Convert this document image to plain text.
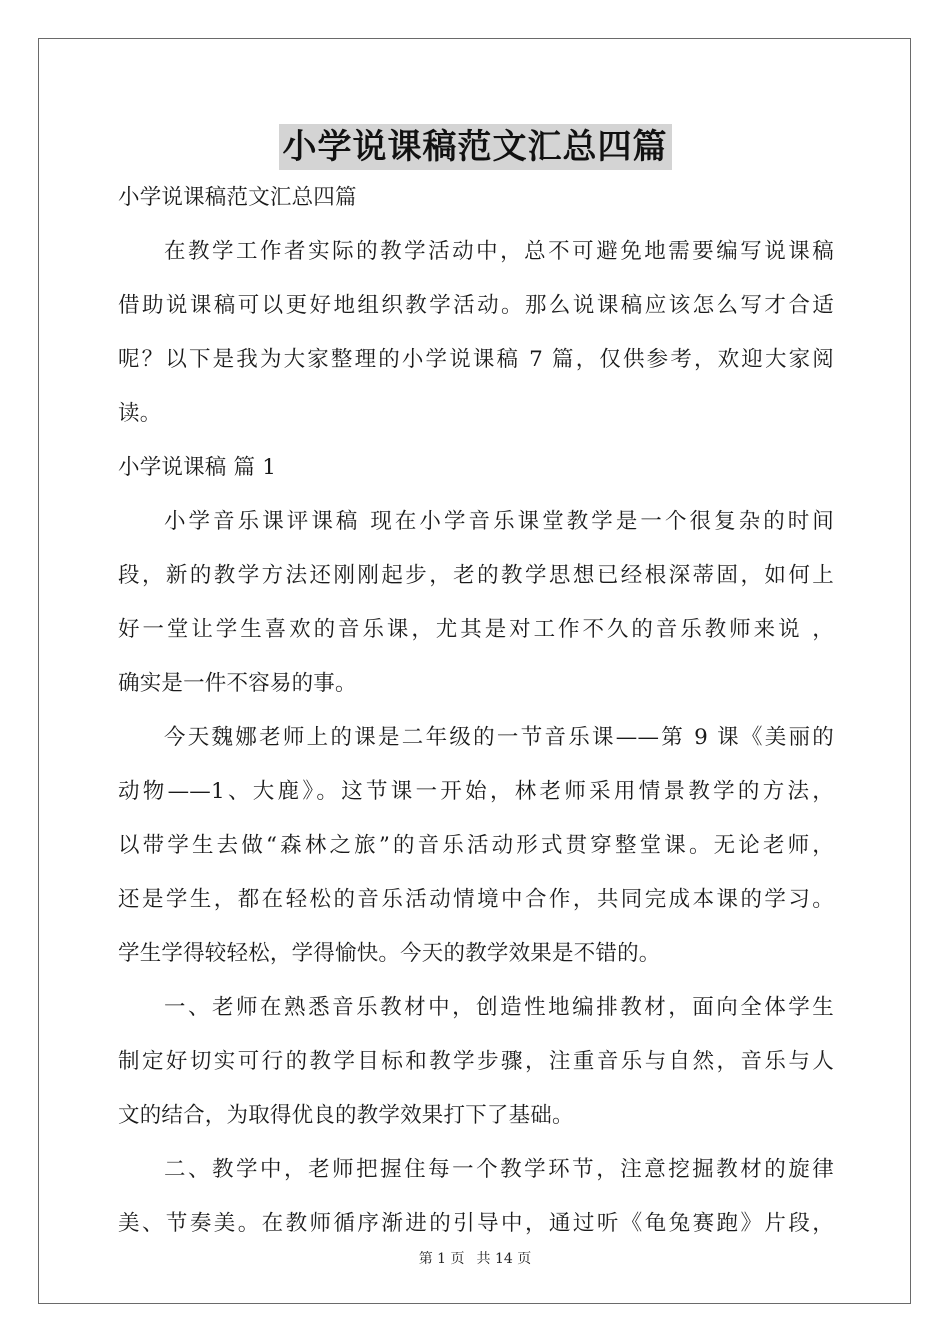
小学说课稿范文汇总四篇
小学说课稿范文汇总四篇
在教学工作者实际的教学活动中，总不可避免地需要编写说课稿
借助说课稿可以更好地组织教学活动。那么说课稿应该怎么写才合适
呢？以下是我为大家整理的小学说课稿 7 篇，仅供参考，欢迎大家阅
读。
小学说课稿 篇 1
小学音乐课评课稿 现在小学音乐课堂教学是一个很复杂的时间
段，新的教学方法还刚刚起步，老的教学思想已经根深蒂固，如何上
好一堂让学生喜欢的音乐课，尤其是对工作不久的音乐教师来说 ，
确实是一件不容易的事。
今天魏娜老师上的课是二年级的一节音乐课——第 9 课《美丽的
动物——1、大鹿》。这节课一开始，林老师采用情景教学的方法，
以带学生去做“森林之旅”的音乐活动形式贯穿整堂课。无论老师，
还是学生，都在轻松的音乐活动情境中合作，共同完成本课的学习。
学生学得较轻松，学得愉快。今天的教学效果是不错的。
一、老师在熟悉音乐教材中，创造性地编排教材，面向全体学生
制定好切实可行的教学目标和教学步骤，注重音乐与自然，音乐与人
文的结合，为取得优良的教学效果打下了基础。
二、教学中，老师把握住每一个教学环节，注意挖掘教材的旋律
美、节奏美。在教师循序渐进的引导中，通过听《龟兔赛跑》片段，
第 1 页 共 14 页
